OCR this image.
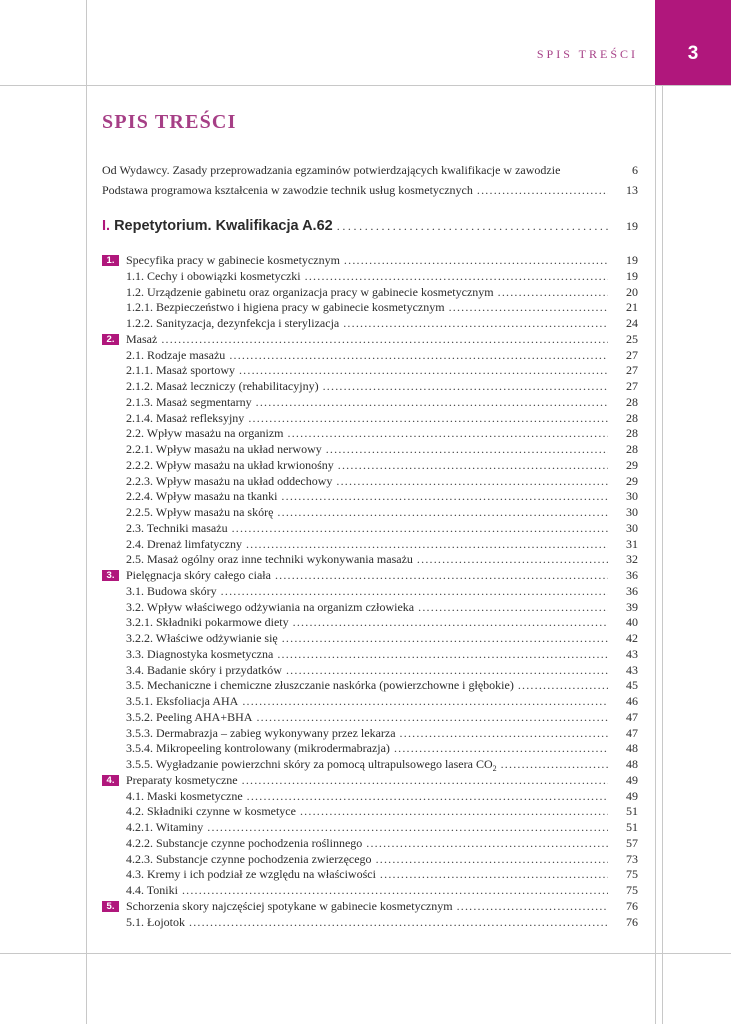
3
SPIS TREŚCI
SPIS TREŚCI
Od Wydawcy. Zasady przeprowadzania egzaminów potwierdzających kwalifikacje w zawodzie	6
Podstawa programowa kształcenia w zawodzie technik usług kosmetycznych .....	13
I. Repetytorium. Kwalifikacja A.62 .....	19
1. Specyfika pracy w gabinecie kosmetycznym .....	19
1.1. Cechy i obowiązki kosmetyczki .....	19
1.2. Urządzenie gabinetu oraz organizacja pracy w gabinecie kosmetycznym .....	20
1.2.1. Bezpieczeństwo i higiena pracy w gabinecie kosmetycznym .....	21
1.2.2. Sanityzacja, dezynfekcja i sterylizacja .....	24
2. Masaż .....	25
2.1. Rodzaje masażu .....	27
2.1.1. Masaż sportowy .....	27
2.1.2. Masaż leczniczy (rehabilitacyjny) .....	27
2.1.3. Masaż segmentarny .....	28
2.1.4. Masaż refleksyjny .....	28
2.2. Wpływ masażu na organizm .....	28
2.2.1. Wpływ masażu na układ nerwowy .....	28
2.2.2. Wpływ masażu na układ krwionośny .....	29
2.2.3. Wpływ masażu na układ oddechowy .....	29
2.2.4. Wpływ masażu na tkanki .....	30
2.2.5. Wpływ masażu na skórę .....	30
2.3. Techniki masażu .....	30
2.4. Drenaż limfatyczny .....	31
2.5. Masaż ogólny oraz inne techniki wykonywania masażu .....	32
3. Pielęgnacja skóry całego ciała .....	36
3.1. Budowa skóry .....	36
3.2. Wpływ właściwego odżywiania na organizm człowieka .....	39
3.2.1. Składniki pokarmowe diety .....	40
3.2.2. Właściwe odżywianie się .....	42
3.3. Diagnostyka kosmetyczna .....	43
3.4. Badanie skóry i przydatków .....	43
3.5. Mechaniczne i chemiczne złuszczanie naskórka (powierzchowne i głębokie) .....	45
3.5.1. Eksfoliacja AHA .....	46
3.5.2. Peeling AHA+BHA .....	47
3.5.3. Dermabrazja – zabieg wykonywany przez lekarza .....	47
3.5.4. Mikropeeling kontrolowany (mikrodermabrazja) .....	48
3.5.5. Wygładzanie powierzchni skóry za pomocą ultrapulsowego lasera $CO_2$ .....	48
4. Preparaty kosmetyczne .....	49
4.1. Maski kosmetyczne .....	49
4.2. Składniki czynne w kosmetyce .....	51
4.2.1. Witaminy .....	51
4.2.2. Substancje czynne pochodzenia roślinnego .....	57
4.2.3. Substancje czynne pochodzenia zwierzęcego .....	73
4.3. Kremy i ich podział ze względu na właściwości .....	75
4.4. Toniki .....	75
5. Schorzenia skory najczęściej spotykane w gabinecie kosmetycznym .....	76
5.1. Łojotok .....	76
